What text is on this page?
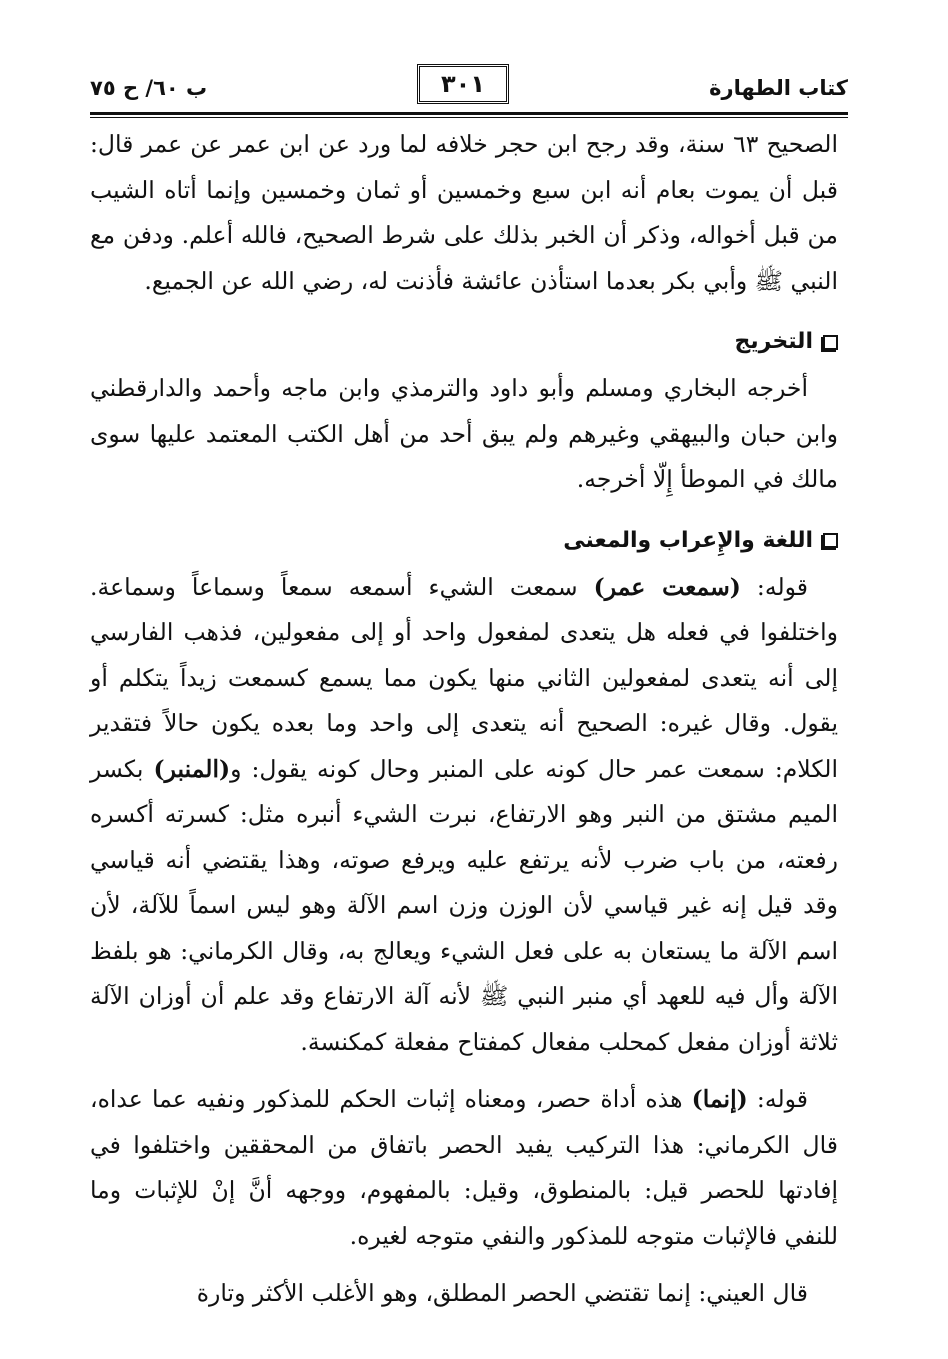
كتاب الطهارة
٣٠١
ب ٦٠/ ح ٧٥

الصحيح ٦٣ سنة، وقد رجح ابن حجر خلافه لما ورد عن ابن عمر عن عمر قال: قبل أن يموت بعام أنه ابن سبع وخمسين أو ثمان وخمسين وإنما أتاه الشيب من قبل أخواله، وذكر أن الخبر بذلك على شرط الصحيح، فالله أعلم. ودفن مع النبي ﷺ وأبي بكر بعدما استأذن عائشة فأذنت له، رضي الله عن الجميع.

التخريج

أخرجه البخاري ومسلم وأبو داود والترمذي وابن ماجه وأحمد والدارقطني وابن حبان والبيهقي وغيرهم ولم يبق أحد من أهل الكتب المعتمد عليها سوى مالك في الموطأ إِلّا أخرجه.

اللغة والإِعراب والمعنى

قوله: (سمعت عمر) سمعت الشيء أسمعه سمعاً وسماعاً وسماعة. واختلفوا في فعله هل يتعدى لمفعول واحد أو إلى مفعولين، فذهب الفارسي إلى أنه يتعدى لمفعولين الثاني منها يكون مما يسمع كسمعت زيداً يتكلم أو يقول. وقال غيره: الصحيح أنه يتعدى إلى واحد وما بعده يكون حالاً فتقدير الكلام: سمعت عمر حال كونه على المنبر وحال كونه يقول: و(المنبر) بكسر الميم مشتق من النبر وهو الارتفاع، نبرت الشيء أنبره مثل: كسرته أكسره رفعته، من باب ضرب لأنه يرتفع عليه ويرفع صوته، وهذا يقتضي أنه قياسي وقد قيل إنه غير قياسي لأن الوزن وزن اسم الآلة وهو ليس اسماً للآلة، لأن اسم الآلة ما يستعان به على فعل الشيء ويعالج به، وقال الكرماني: هو بلفظ الآلة وأل فيه للعهد أي منبر النبي ﷺ لأنه آلة الارتفاع وقد علم أن أوزان الآلة ثلاثة أوزان مفعل كمحلب مفعال كمفتاح مفعلة كمكنسة.

قوله: (إنما) هذه أداة حصر، ومعناه إثبات الحكم للمذكور ونفيه عما عداه، قال الكرماني: هذا التركيب يفيد الحصر باتفاق من المحققين واختلفوا في إفادتها للحصر قيل: بالمنطوق، وقيل: بالمفهوم، ووجهه أنَّ إنْ للإثبات وما للنفي فالإثبات متوجه للمذكور والنفي متوجه لغيره.

قال العيني: إنما تقتضي الحصر المطلق، وهو الأغلب الأكثر وتارة
